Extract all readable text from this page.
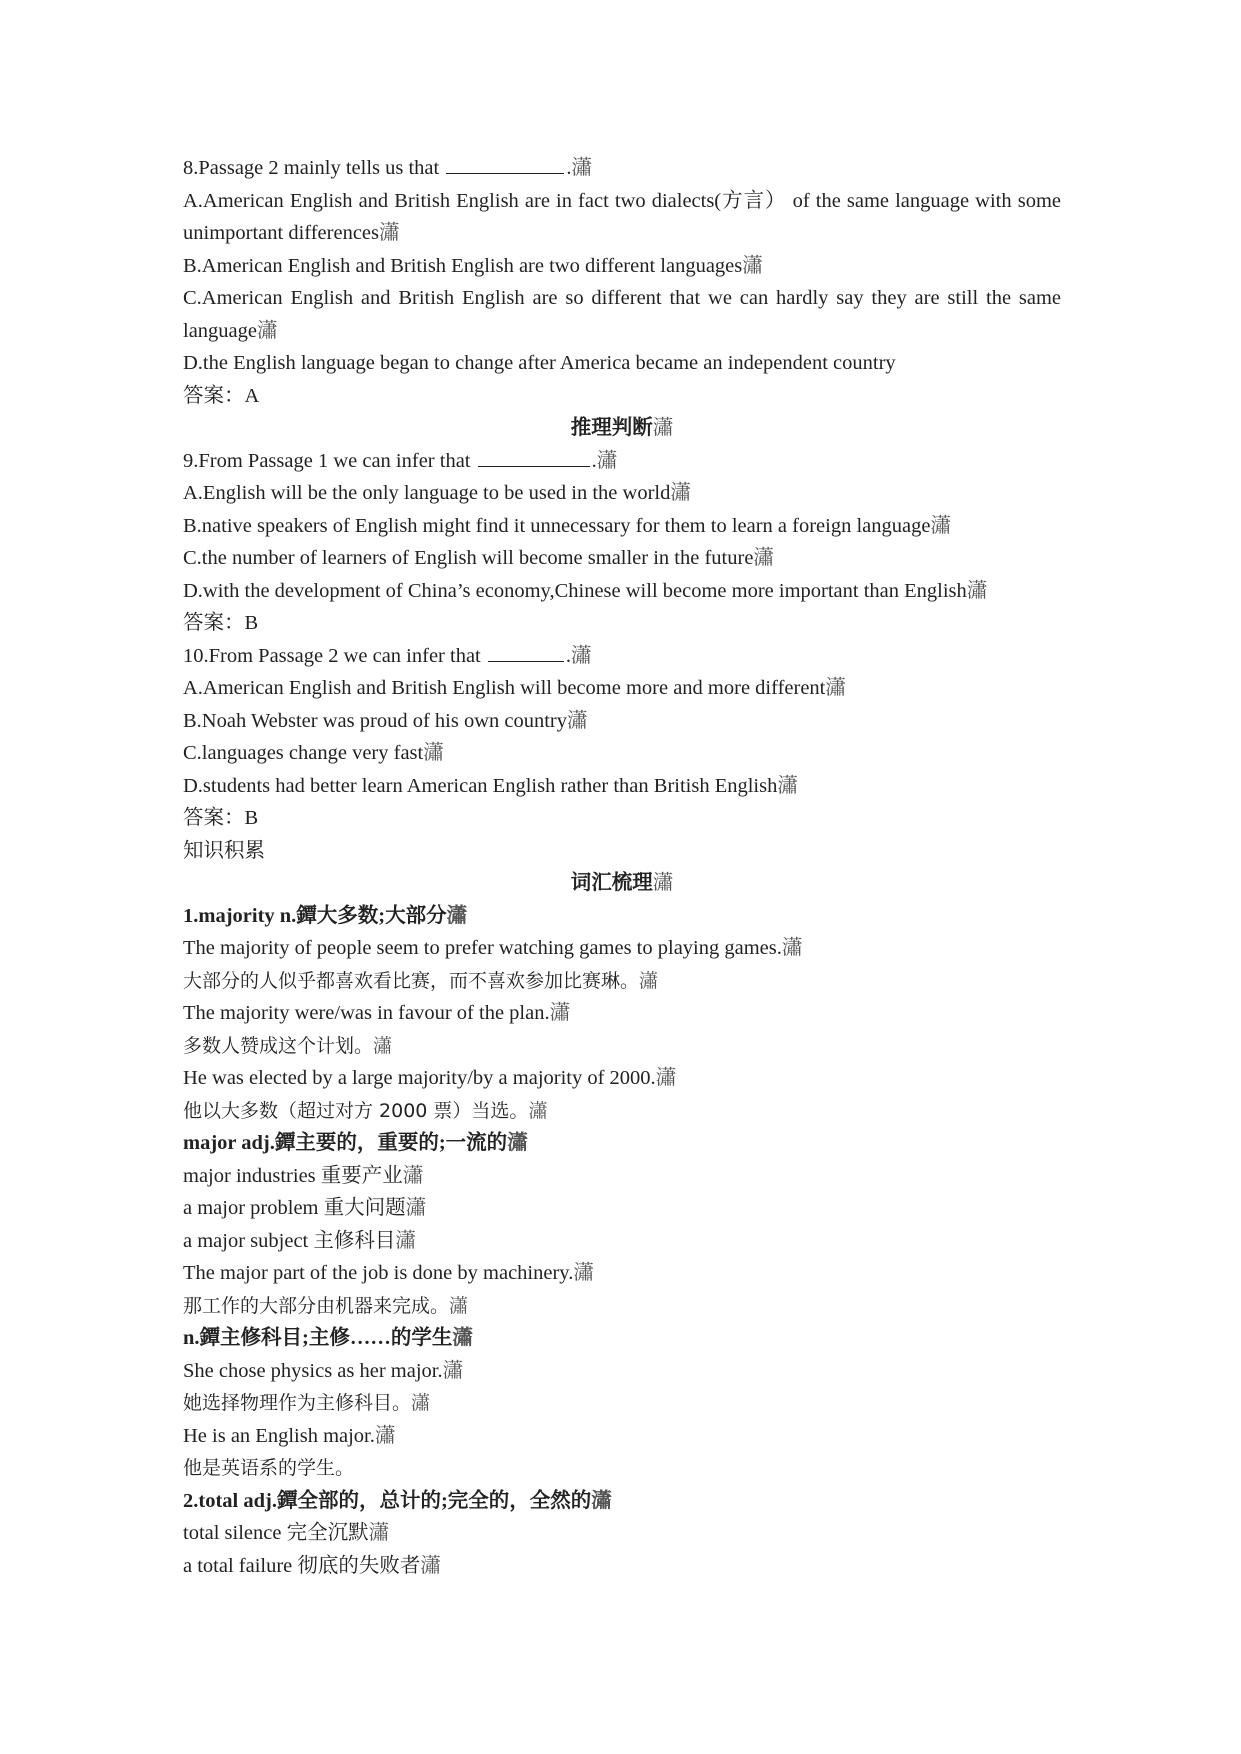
8.Passage 2 mainly tells us that	.瀟
A.American English and British English are in fact two dialects(方言） of the same language with some unimportant differences瀟
B.American English and British English are two different languages瀟
C.American English and British English are so different that we can hardly say they are still the same language瀟
D.the English language began to change after America became an independent country
答案：A
推理判断瀟
9.From Passage 1 we can infer that	.瀟
A.English will be the only language to be used in the world瀟
B.native speakers of English might find it unnecessary for them to learn a foreign language瀟
C.the number of learners of English will become smaller in the future瀟
D.with the development of China’s economy,Chinese will become more important than English瀟
答案：B
10.From Passage 2 we can infer that	.瀟
A.American English and British English will become more and more different瀟
B.Noah Webster was proud of his own country瀟
C.languages change very fast瀟
D.students had better learn American English rather than British English瀟
答案：B
知识积累
词汇梳理瀟
1.majority n.鐔大多数;大部分瀟
The majority of people seem to prefer watching games to playing games.瀟
大部分的人似乎都喜欢看比赛，而不喜欢参加比赛琳。瀟
The majority were/was in favour of the plan.瀟
多数人赞成这个计划。瀟
He was elected by a large majority/by a majority of 2000.瀟
他以大多数（超过对方 2000 票）当选。瀟
major adj.鐔主要的，重要的;一流的瀟
major industries 重要产业瀟
a major problem 重大问题瀟
a major subject 主修科目瀟
The major part of the job is done by machinery.瀟
那工作的大部分由机器来完成。瀟
n.鐔主修科目;主修……的学生瀟
She chose physics as her major.瀟
她选择物理作为主修科目。瀟
He is an English major.瀟
他是英语系的学生。
2.total adj.鐔全部的，总计的;完全的，全然的瀟
total silence 完全沉默瀟
a total failure 彻底的失败者瀟
